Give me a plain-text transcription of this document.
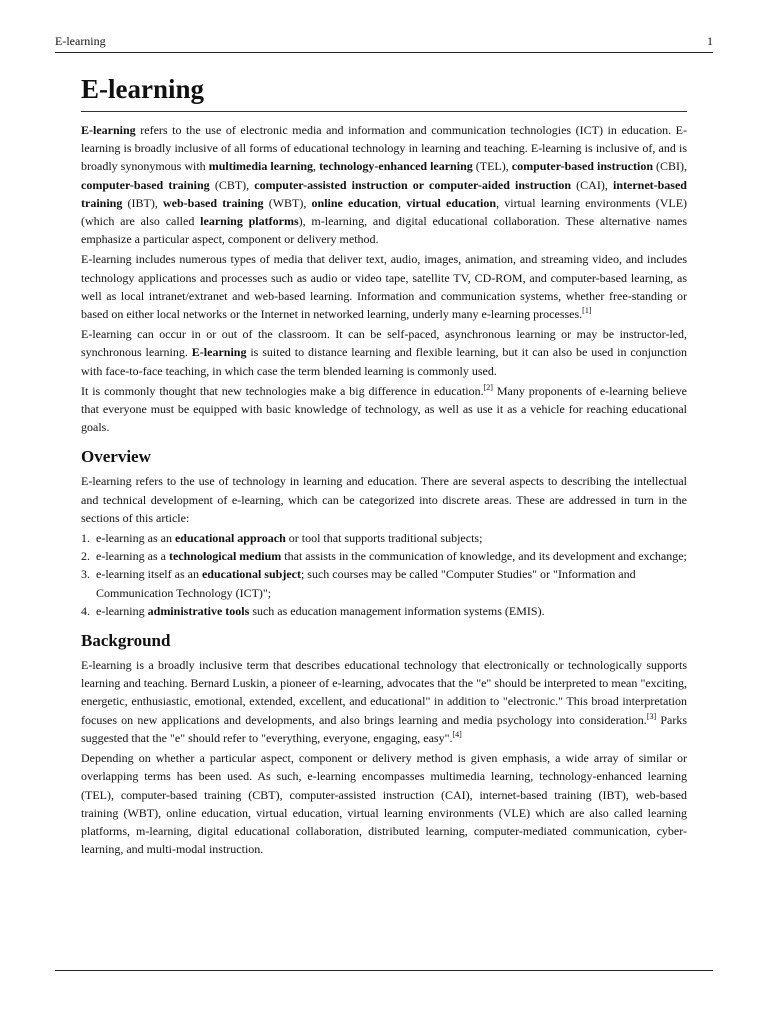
E-learning	1
E-learning

E-learning refers to the use of electronic media and information and communication technologies (ICT) in education. E-learning is broadly inclusive of all forms of educational technology in learning and teaching. E-learning is inclusive of, and is broadly synonymous with multimedia learning, technology-enhanced learning (TEL), computer-based instruction (CBI), computer-based training (CBT), computer-assisted instruction or computer-aided instruction (CAI), internet-based training (IBT), web-based training (WBT), online education, virtual education, virtual learning environments (VLE) (which are also called learning platforms), m-learning, and digital educational collaboration. These alternative names emphasize a particular aspect, component or delivery method.

E-learning includes numerous types of media that deliver text, audio, images, animation, and streaming video, and includes technology applications and processes such as audio or video tape, satellite TV, CD-ROM, and computer-based learning, as well as local intranet/extranet and web-based learning. Information and communication systems, whether free-standing or based on either local networks or the Internet in networked learning, underly many e-learning processes.[1]

E-learning can occur in or out of the classroom. It can be self-paced, asynchronous learning or may be instructor-led, synchronous learning. E-learning is suited to distance learning and flexible learning, but it can also be used in conjunction with face-to-face teaching, in which case the term blended learning is commonly used.

It is commonly thought that new technologies make a big difference in education.[2] Many proponents of e-learning believe that everyone must be equipped with basic knowledge of technology, as well as use it as a vehicle for reaching educational goals.

Overview

E-learning refers to the use of technology in learning and education. There are several aspects to describing the intellectual and technical development of e-learning, which can be categorized into discrete areas. These are addressed in turn in the sections of this article:

1. e-learning as an educational approach or tool that supports traditional subjects;
2. e-learning as a technological medium that assists in the communication of knowledge, and its development and exchange;
3. e-learning itself as an educational subject; such courses may be called "Computer Studies" or "Information and Communication Technology (ICT)";
4. e-learning administrative tools such as education management information systems (EMIS).
Background

E-learning is a broadly inclusive term that describes educational technology that electronically or technologically supports learning and teaching. Bernard Luskin, a pioneer of e-learning, advocates that the "e" should be interpreted to mean "exciting, energetic, enthusiastic, emotional, extended, excellent, and educational" in addition to "electronic." This broad interpretation focuses on new applications and developments, and also brings learning and media psychology into consideration.[3] Parks suggested that the "e" should refer to "everything, everyone, engaging, easy".[4]

Depending on whether a particular aspect, component or delivery method is given emphasis, a wide array of similar or overlapping terms has been used. As such, e-learning encompasses multimedia learning, technology-enhanced learning (TEL), computer-based training (CBT), computer-assisted instruction (CAI), internet-based training (IBT), web-based training (WBT), online education, virtual education, virtual learning environments (VLE) which are also called learning platforms, m-learning, digital educational collaboration, distributed learning, computer-mediated communication, cyber-learning, and multi-modal instruction.
